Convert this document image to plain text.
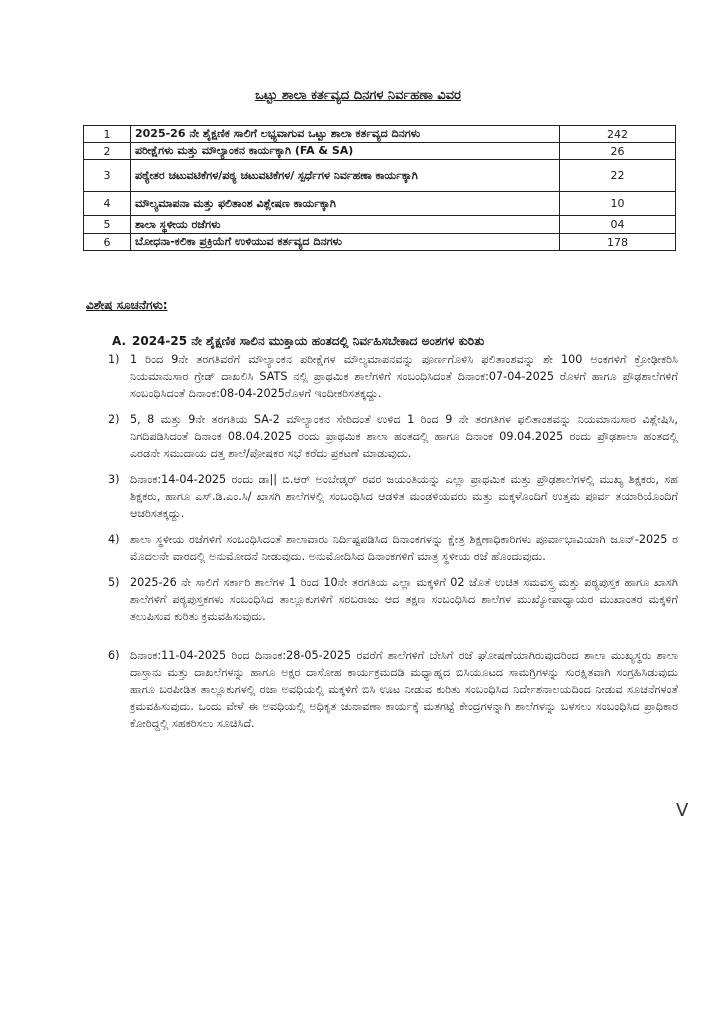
ಒಟ್ಟು ಶಾಲಾ ಕರ್ತವ್ಯದ ದಿನಗಳ ನಿರ್ವಹಣಾ ವಿವರ
1	2025-26 ನೇ ಶೈಕ್ಷಣಿಕ ಸಾಲಿಗೆ ಲಭ್ಯವಾಗುವ ಒಟ್ಟು ಶಾಲಾ ಕರ್ತವ್ಯದ ದಿನಗಳು	242
2	ಪರೀಕ್ಷೆಗಳು ಮತ್ತು ಮೌಲ್ಯಾಂಕನ ಕಾರ್ಯಕ್ಕಾಗಿ (FA & SA)	26
3	ಪಠ್ಯೇತರ ಚಟುವಟಿಕೆಗಳ/ಪಠ್ಯ ಚಟುವಟಿಕೆಗಳ/ ಸ್ಪರ್ಧೆಗಳ ನಿರ್ವಹಣಾ ಕಾರ್ಯಕ್ಕಾಗಿ	22
4	ಮೌಲ್ಯಮಾಪನಾ ಮತ್ತು ಫಲಿತಾಂಶ ವಿಶ್ಲೇಷಣ ಕಾರ್ಯಕ್ಕಾಗಿ	10
5	ಶಾಲಾ ಸ್ಥಳೀಯ ರಜೆಗಳು	04
6	ಬೋಧನಾ-ಕಲಿಕಾ ಪ್ರಕ್ರಿಯೆಗೆ ಉಳಿಯುವ ಕರ್ತವ್ಯದ ದಿನಗಳು	178
ವಿಶೇಷ ಸೂಚನೆಗಳು:
A. 2024-25 ನೇ ಶೈಕ್ಷಣಿಕ ಸಾಲಿನ ಮುಕ್ತಾಯ ಹಂತದಲ್ಲಿ ನಿರ್ವಹಿಸಬೇಕಾದ ಅಂಶಗಳ ಕುರಿತು
1) 1 ರಿಂದ 9ನೇ ತರಗತಿವರೆಗೆ ಮೌಲ್ಯಾಂಕನ ಪರೀಕ್ಷೆಗಳ ಮೌಲ್ಯಮಾಪನವನ್ನು ಪೂರ್ಣಗೊಳಿಸಿ ಫಲಿತಾಂಶವನ್ನು ಶೇ 100 ಅಂಕಗಳಿಗೆ ಕ್ರೋಢೀಕರಿಸಿ ನಿಯಮಾನುಸಾರ ಗ್ರೇಡ್ ದಾಖಲಿಸಿ SATS ನಲ್ಲಿ ಪ್ರಾಥಮಿಕ ಶಾಲೆಗಳಿಗೆ ಸಂಬಂಧಿಸಿದಂತೆ ದಿನಾಂಕ:07-04-2025 ರೊಳಗೆ ಹಾಗೂ ಪ್ರೌಢಶಾಲೆಗಳಿಗೆ ಸಂಬಂಧಿಸಿದಂತೆ ದಿನಾಂಕ:08-04-2025ರೊಳಗೆ ಇಂದೀಕರಿಸತಕ್ಕದ್ದು.
2) 5, 8 ಮತ್ತು 9ನೇ ತರಗತಿಯ SA-2 ಮೌಲ್ಯಾಂಕನ ಸೇರಿದಂತೆ ಉಳಿದ 1 ರಿಂದ 9 ನೇ ತರಗತಿಗಳ ಫಲಿತಾಂಶವನ್ನು ನಿಯಮಾನುಸಾರ ವಿಶ್ಲೇಷಿಸಿ, ನಿಗದಿಪಡಿಸಿದಂತೆ ದಿನಾಂಕ 08.04.2025 ರಂದು ಪ್ರಾಥಮಿಕ ಶಾಲಾ ಹಂತದಲ್ಲಿ ಹಾಗೂ ದಿನಾಂಕ 09.04.2025 ರಂದು ಪ್ರೌಢಶಾಲಾ ಹಂತದಲ್ಲಿ ಎರಡನೇ ಸಮುದಾಯ ದತ್ತ ಶಾಲೆ/ಪೋಷಕರ ಸಭೆ ಕರೆದು ಪ್ರಕಟಣೆ ಮಾಡುವುದು.
3) ದಿನಾಂಕ:14-04-2025 ರಂದು ಡಾ|| ಬಿ.ಆರ್ ಅಂಬೇಡ್ಕರ್ ರವರ ಜಯಂತಿಯನ್ನು ಎಲ್ಲಾ ಪ್ರಾಥಮಿಕ ಮತ್ತು ಪ್ರೌಢಶಾಲೆಗಳಲ್ಲಿ ಮುಖ್ಯ ಶಿಕ್ಷಕರು, ಸಹ ಶಿಕ್ಷಕರು, ಹಾಗೂ ಎಸ್.ಡಿ.ಎಂ.ಸಿ/ ಖಾಸಗಿ ಶಾಲೆಗಳಲ್ಲಿ ಸಂಬಂಧಿಸಿದ ಆಡಳಿತ ಮಂಡಳಿಯವರು ಮತ್ತು ಮಕ್ಕಳೊಂದಿಗೆ ಉತ್ತಮ ಪೂರ್ವ ತಯಾರಿಯೊಂದಿಗೆ ಆಚರಿಸತಕ್ಕದ್ದು.
4) ಶಾಲಾ ಸ್ಥಳೀಯ ರಜೆಗಳಿಗೆ ಸಂಬಂಧಿಸಿದಂತೆ ಶಾಲಾವಾರು ನಿರ್ದಿಷ್ಟಪಡಿಸಿದ ದಿನಾಂಕಗಳನ್ನು ಕ್ಷೇತ್ರ ಶಿಕ್ಷಣಾಧಿಕಾರಿಗಳು ಪೂರ್ವಾಭಾವಿಯಾಗಿ ಜೂನ್-2025 ರ ಮೊದಲನೇ ವಾರದಲ್ಲಿ ಅನುಮೋದನೆ ನೀಡುವುದು. ಅನುಮೋದಿಸಿದ ದಿನಾಂಕಗಳಿಗೆ ಮಾತ್ರ ಸ್ಥಳೀಯ ರಜೆ ಹೊಂದುವುದು.
5) 2025-26 ನೇ ಸಾಲಿಗೆ ಸರ್ಕಾರಿ ಶಾಲೆಗಳ 1 ರಿಂದ 10ನೇ ತರಗತಿಯ ಎಲ್ಲಾ ಮಕ್ಕಳಿಗೆ 02 ಜೊತೆ ಉಚಿತ ಸಮವಸ್ತ್ರ ಮತ್ತು ಪಠ್ಯಪುಸ್ತಕ ಹಾಗೂ ಖಾಸಗಿ ಶಾಲೆಗಳಿಗೆ ಪಠ್ಯಪುಸ್ತಕಗಳು ಸಂಬಂಧಿಸಿದ ತಾಲ್ಲೂಕುಗಳಿಗೆ ಸರಬರಾಜು ಆದ ತಕ್ಷಣ ಸಂಬಂಧಿಸಿದ ಶಾಲೆಗಳ ಮುಖ್ಯೋಪಾಧ್ಯಾಯರ ಮುಖಾಂತರ ಮಕ್ಕಳಿಗೆ ತಲುಪಿಸುವ ಕುರಿತು ಕ್ರಮವಹಿಸುವುದು.
6) ದಿನಾಂಕ:11-04-2025 ರಿಂದ ದಿನಾಂಕ:28-05-2025 ರವರೆಗೆ ಶಾಲೆಗಳಿಗೆ ಬೇಸಿಗೆ ರಜೆ ಘೋಷಣೆಯಾಗಿರುವುದರಿಂದ ಶಾಲಾ ಮುಖ್ಯಸ್ಥರು ಶಾಲಾ ದಾಸ್ತಾನು ಮತ್ತು ದಾಖಲೆಗಳನ್ನು ಹಾಗೂ ಅಕ್ಷರ ದಾಸೋಹ ಕಾರ್ಯಕ್ರಮದಡಿ ಮಧ್ಯಾಹ್ನದ ಬಿಸಿಯೂಟದ ಸಾಮಗ್ರಿಗಳನ್ನು ಸುರಕ್ಷಿತವಾಗಿ ಸಂಗ್ರಹಿಸಿಡುವುದು ಹಾಗೂ ಬರಪೀಡಿತ ತಾಲ್ಲೂಕುಗಳಲ್ಲಿ ರಜಾ ಅವಧಿಯಲ್ಲಿ ಮಕ್ಕಳಿಗೆ ಬಿಸಿ ಊಟ ನೀಡುವ ಕುರಿತು ಸಂಬಂಧಿಸಿದ ನಿರ್ದೇಶನಾಲಯದಿಂದ ನೀಡುವ ಸೂಚನೆಗಳಂತೆ ಕ್ರಮವಹಿಸುವುದು. ಒಂದು ವೇಳೆ ಈ ಅವಧಿಯಲ್ಲಿ ಅಧಿಕೃತ ಚುನಾವಣಾ ಕಾರ್ಯಕ್ಕೆ ಮತಗಟ್ಟೆ ಕೇಂದ್ರಗಳನ್ನಾಗಿ ಶಾಲೆಗಳನ್ನು ಬಳಸಲು ಸಂಬಂಧಿಸಿದ ಪ್ರಾಧಿಕಾರ ಕೋರಿದ್ದಲ್ಲಿ ಸಹಕರಿಸಲು ಸೂಚಿಸಿದೆ.
V
